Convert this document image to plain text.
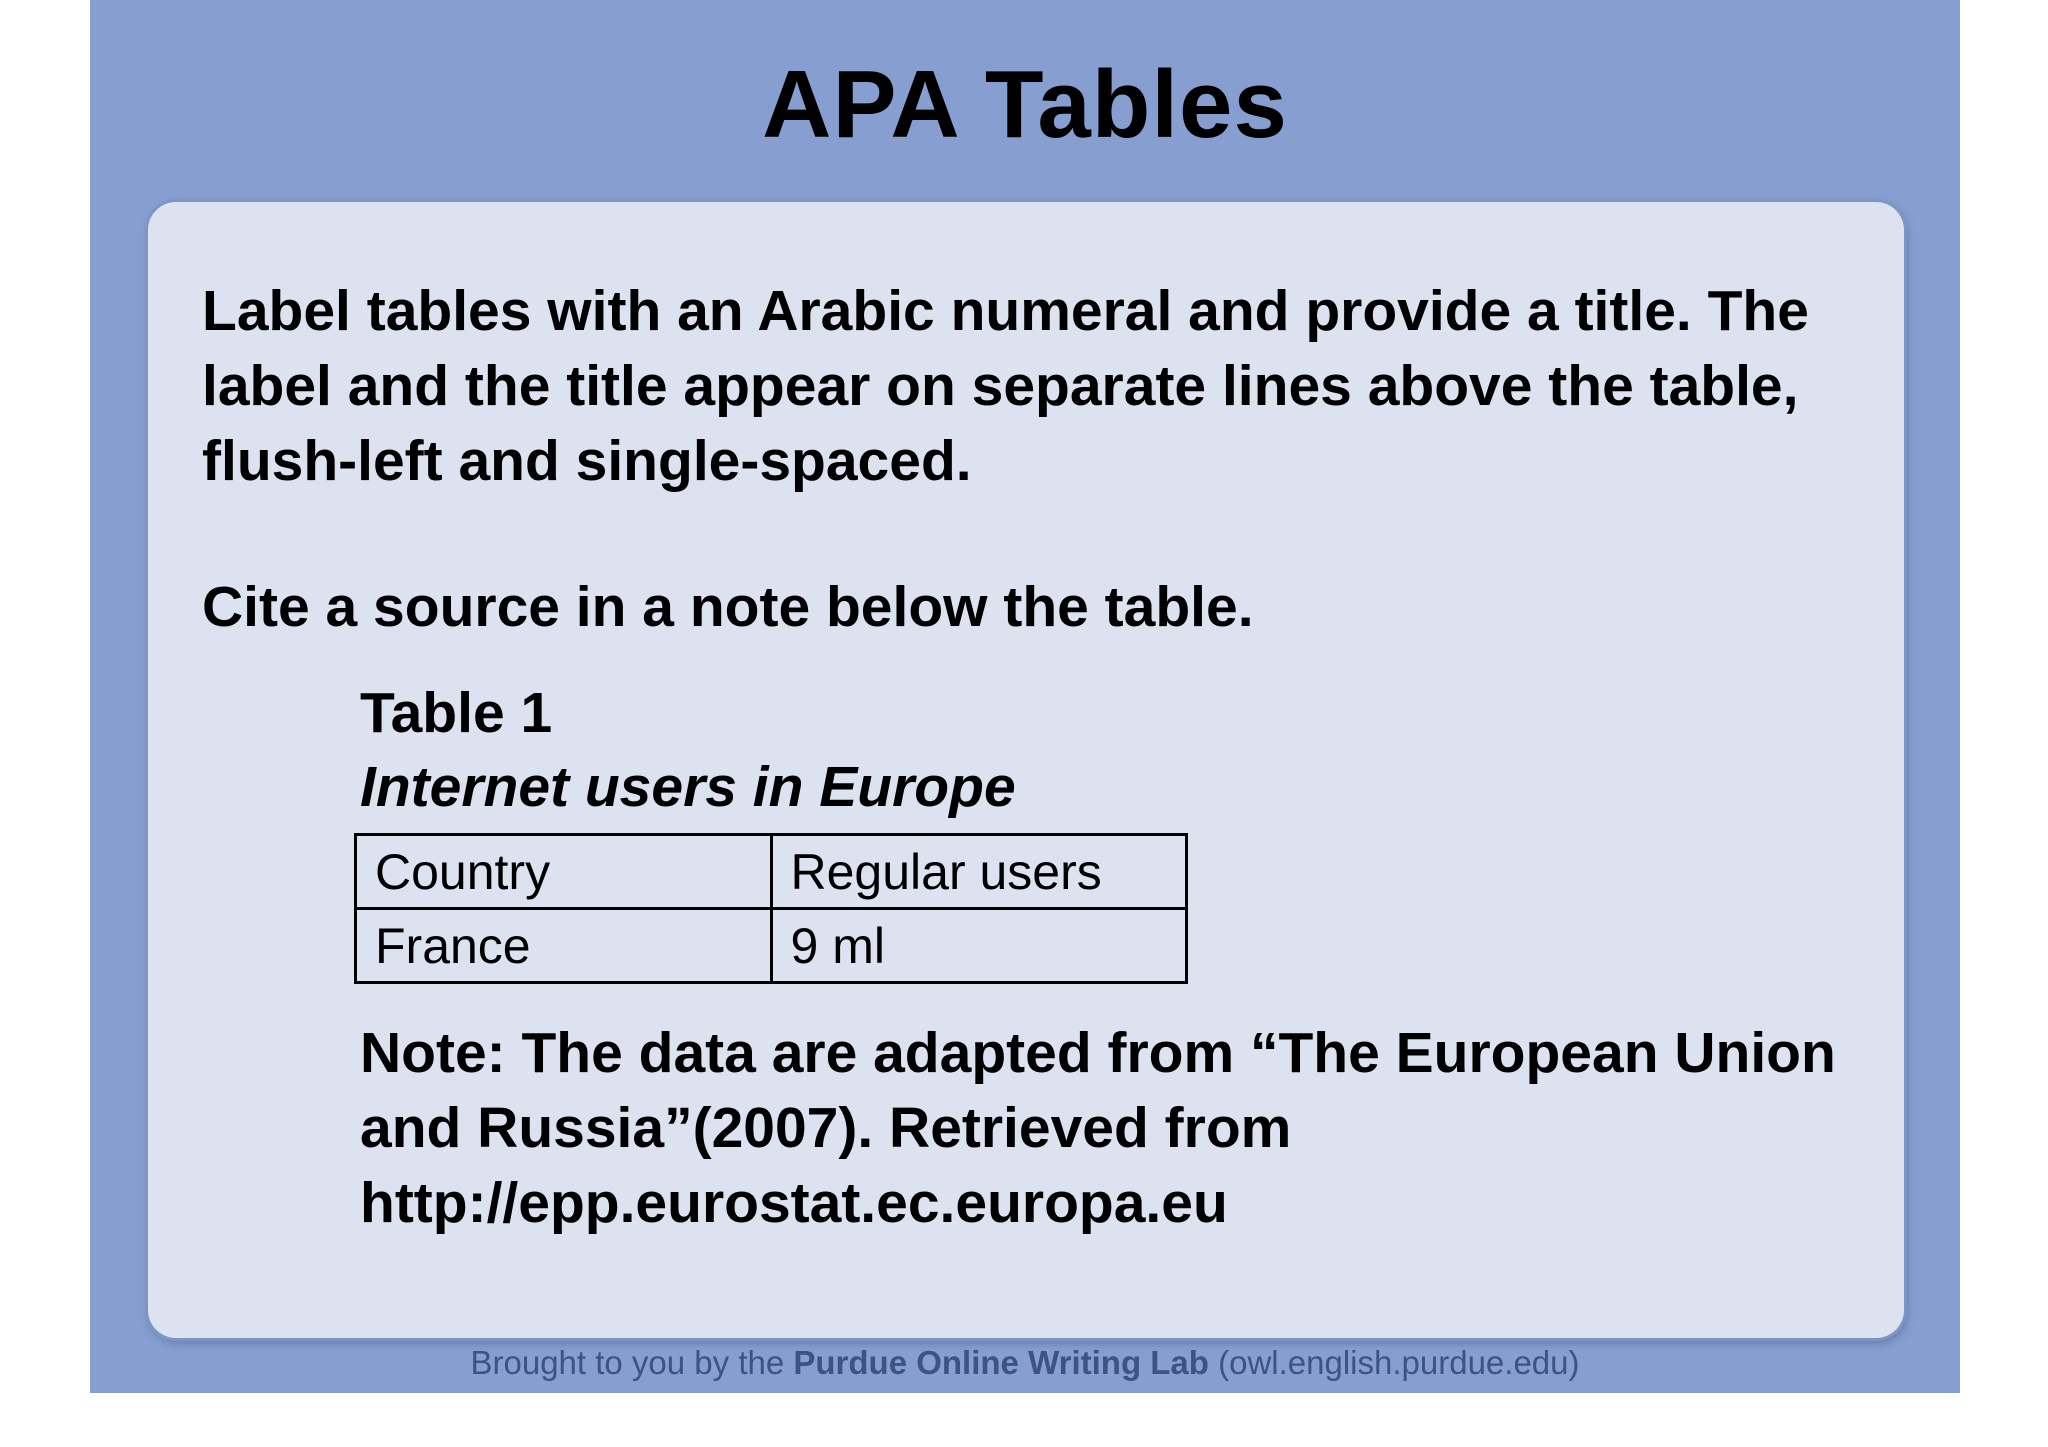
APA Tables

Label tables with an Arabic numeral and provide a title. The label and the title appear on separate lines above the table, flush-left and single-spaced.

Cite a source in a note below the table.

Table 1

Internet users in Europe

Country	Regular users
France	9 ml

Note: The data are adapted from “The European Union and Russia”(2007). Retrieved from http://epp.eurostat.ec.europa.eu

Brought to you by the Purdue Online Writing Lab (owl.english.purdue.edu)
